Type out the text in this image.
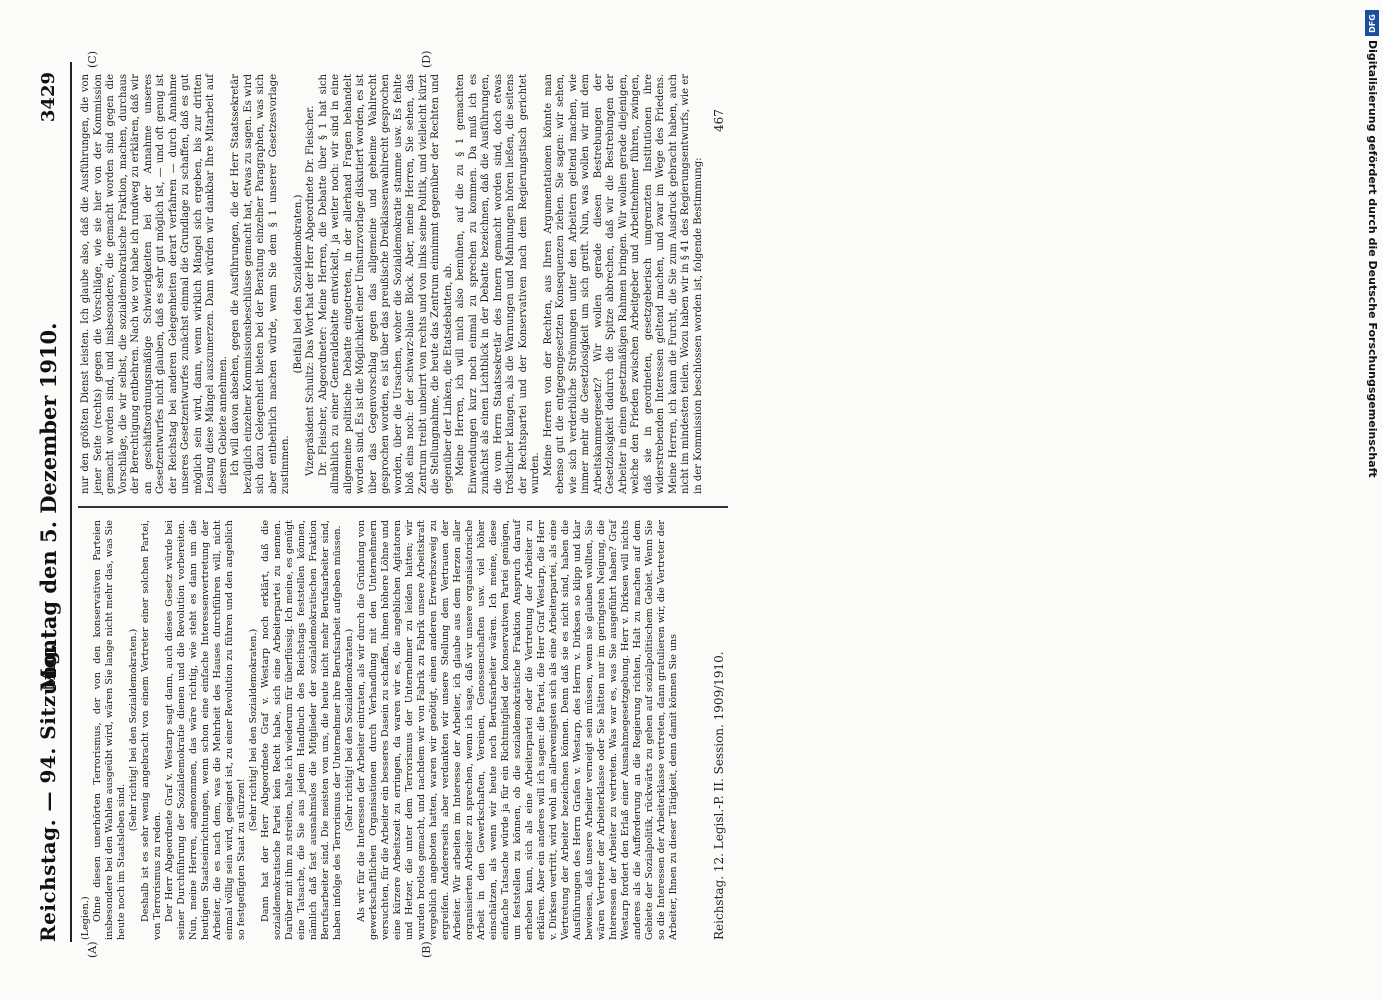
Reichstag. — 94. Sitzung.
Montag den 5. Dezember 1910.
3429
(A)	(B)
(C)	(D)

(Legien.) Ohne diesen unerhörten Terrorismus, der von den konservativen Parteien insbesondere bei den Wahlen ausgeübt wird, wären Sie lange nicht mehr das, was Sie heute noch im Staatsleben sind.

(Sehr richtig! bei den Sozialdemokraten.) Deshalb ist es sehr wenig angebracht von einem Vertreter einer solchen Partei, von Terrorismus zu reden. Der Herr Abgeordnete Graf v. Westarp sagt dann, auch dieses Gesetz würde bei seiner Durchführung der Sozialdemokratie dienen und die Revolution vorbereiten. Nun, meine Herren, angenommen, das wäre richtig, wie steht es dann um die heutigen Staatseinrichtungen, wenn schon eine einfache Interessenvertretung der Arbeiter, die es nach dem, was die Mehrheit des Hauses durchführen will, nicht einmal völlig sein wird, geeignet ist, zu einer Revolution zu führen und den angeblich so festgefügten Staat zu stürzen!

(Sehr richtig! bei den Sozialdemokraten.) Dann hat der Herr Abgeordnete Graf v. Westarp noch erklärt, daß die sozialdemokratische Partei kein Recht habe, sich eine Arbeiterpartei zu nennen. Darüber mit ihm zu streiten, halte ich wiederum für überflüssig. Ich meine, es genügt eine Tatsache, die Sie aus jedem Handbuch des Reichstags feststellen können, nämlich daß fast ausnahmslos die Mitglieder der sozialdemokratischen Fraktion Berufsarbeiter sind. Die meisten von uns, die heute nicht mehr Berufsarbeiter sind, haben infolge des Terrorismus der Unternehmer ihre Berufsarbeit aufgeben müssen. (Sehr richtig! bei den Sozialdemokraten.) Als wir für die Interessen der Arbeiter eintraten, als wir durch die Gründung von gewerkschaftlichen Organisationen durch Verhandlung mit den Unternehmern versuchten, für die Arbeiter ein besseres Dasein zu schaffen, ihnen höhere Löhne und eine kürzere Arbeitszeit zu erringen, da waren wir es, die angeblichen Agitatoren und Hetzer, die unter dem Terrorismus der Unternehmer zu leiden hatten; wir wurden brotlos gemacht, und nachdem wir von Fabrik zu Fabrik unsere Arbeitskraft vergeblich angeboten hatten, waren wir genötigt, einen anderen Erwerbszweig zu ergreifen. Andererseits aber verdankten wir unsere Stellung dem Vertrauen der Arbeiter. Wir arbeiten im Interesse der Arbeiter, ich glaube aus dem Herzen aller organisierten Arbeiter zu sprechen, wenn ich sage, daß wir unsere organisatorische Arbeit in den Gewerkschaften, Vereinen, Genossenschaften usw. viel höher einschätzen, als wenn wir heute noch Berufsarbeiter wären. Ich meine, diese einfache Tatsache würde ja für ein Richtmitglied der konservativen Partei genügen, um feststellen zu können, ob die sozialdemokratische Fraktion Anspruch darauf erheben kann, sich als eine Arbeiterpartei oder die Vertretung der Arbeiter zu erklären. Aber ein anderes will ich sagen: die Partei, die Herr Graf Westarp, die Herr v. Dirksen vertritt, wird wohl am allerwenigsten sich als eine Arbeiterpartei, als eine Vertretung der Arbeiter bezeichnen können. Denn daß sie es nicht sind, haben die Ausführungen des Herrn Grafen v. Westarp, des Herrn v. Dirksen so klipp und klar bewiesen, daß unsere Arbeiter verneigt sein müssen, wenn sie glauben wollten, Sie wären Vertreter der Arbeiterklasse oder Sie hätten nur im geringsten Neigung, die Interessen der Arbeiter zu vertreten. Was war es, was Sie ausgeführt haben? Graf Westarp fordert den Erlaß einer Ausnahmegesetzgebung. Herr v. Dirksen will nichts anderes als die Aufforderung an die Regierung richten, Halt zu machen auf dem Gebiete der Sozialpolitik, rückwärts zu gehen auf sozialpolitischem Gebiet. Wenn Sie so die Interessen der Arbeiterklasse vertreten, dann gratulieren wir, die Vertreter der Arbeiter, Ihnen zu dieser Tätigkeit, denn damit können Sie uns

nur den größten Dienst leisten. Ich glaube also, daß die Ausführungen, die von jener Seite (rechts) gegen die Vorschläge, wie sie hier von der Kommission gemacht worden sind, und insbesondere, die gemacht worden sind gegen die Vorschläge, die wir selbst, die sozialdemokratische Fraktion, machen, durchaus der Berechtigung entbehren. Nach wie vor habe ich rundweg zu erklären, daß wir an geschäftsordnungsmäßige Schwierigkeiten bei der Annahme unseres Gesetzentwurfes nicht glauben, daß es sehr gut möglich ist, — und oft genug ist der Reichstag bei anderen Gelegenheiten derart verfahren — durch Annahme unseres Gesetzentwurfes zunächst einmal die Grundlage zu schaffen, daß es gut möglich sein wird, dann, wenn wirklich Mängel sich ergeben, bis zur dritten Lesung diese Mängel auszumerzen. Dann würden wir dankbar Ihre Mitarbeit auf diesem Gebiete annehmen. Ich will davon absehen, gegen die Ausführungen, die der Herr Staatssekretär bezüglich einzelner Kommissionsbeschlüsse gemacht hat, etwas zu sagen. Es wird sich dazu Gelegenheit bieten bei der Beratung einzelner Paragraphen, was sich aber entbehrlich machen würde, wenn Sie dem § 1 unserer Gesetzesvorlage zustimmen.

(Beifall bei den Sozialdemokraten.) Vizepräsident Schultz: Das Wort hat der Herr Abgeordnete Dr. Fleischer. Dr. Fleischer, Abgeordneter: Meine Herren, die Debatte über § 1 hat sich allmählich zu einer Generaldebatte entwickelt, ja weiter noch: wir sind in eine allgemeine politische Debatte eingetreten, in der allerhand Fragen behandelt worden sind. Es ist die Möglichkeit einer Umsturzvorlage diskutiert worden, es ist über das Gegenvorschlag gegen das allgemeine und geheime Wahlrecht gesprochen worden, es ist über das preußische Dreiklassenwahlrecht gesprochen worden, über die Ursachen, woher die Sozialdemokratie stamme usw. Es fehlte bloß eins noch: der schwarz-blaue Block. Aber, meine Herren, Sie sehen, das Zentrum treibt unbeirrt von rechts und von links seine Politik, und vielleicht kürzt die Stellungnahme, die heute das Zentrum einnimmt gegenüber der Rechten und gegenüber der Linken, die Etatsdebatten, ab. Meine Herren, ich will mich also bemühen, auf die zu § 1 gemachten Einwendungen kurz noch einmal zu sprechen zu kommen. Da muß ich es zunächst als einen Lichtblick in der Debatte bezeichnen, daß die Ausführungen, die vom Herrn Staatssekretär des Innern gemacht worden sind, doch etwas tröstlicher klangen, als die Warnungen und Mahnungen hören ließen, die seitens der Rechtspartei und der Konservativen nach dem Regierungstisch gerichtet wurden. Meine Herren von der Rechten, aus Ihren Argumentationen könnte man ebenso gut die entgegengesetzten Konsequenzen ziehen. Sie sagen: wir sehen, wie sich verderbliche Strömungen unter den Arbeitern geltend machen, wie immer mehr die Gesetzlosigkeit um sich greift. Nun, was wollen wir mit dem Arbeitskammergesetz? Wir wollen gerade diesen Bestrebungen der Gesetzlosigkeit dadurch die Spitze abbrechen, daß wir die Bestrebungen der Arbeiter in einen gesetzmäßigen Rahmen bringen. Wir wollen gerade diejenigen, welche den Frieden zwischen Arbeitgeber und Arbeitnehmer führen, zwingen, daß sie in geordneten, gesetzgeberisch umgrenzten Institutionen ihre widerstrebenden Interessen geltend machen, und zwar im Wege des Friedens. Meine Herren, ich kann die Furcht, die Sie zum Ausdruck gebracht haben, auch nicht im mindesten teilen. Wozu haben wir in § 41 des Regierungsentwurfs, wie er in der Kommission beschlossen worden ist, folgende Bestimmung:

Reichstag. 12. Legisl.-P. II. Session. 1909/1910.
467
DFG
Digitalisierung gefördert durch die Deutsche Forschungsgemeinschaft
